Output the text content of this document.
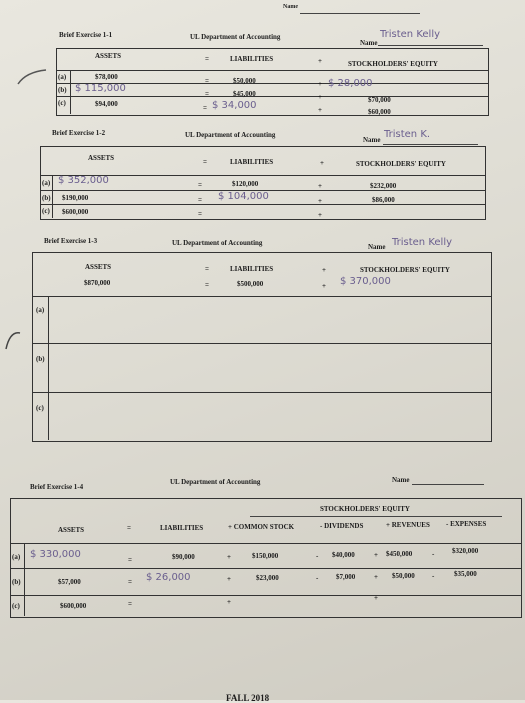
Name
Brief Exercise 1-1	UL Department of Accounting
Name
Tristen Kelly
ASSETS	=	LIABILITIES	+	STOCKHOLDERS' EQUITY
(a)	$78,000	=	$50,000	+ $ 28,000
(b) $ 115,000	=	$45,000	+	$70,000
(c)	$94,000	= $ 34,000	+	$60,000
Brief Exercise 1-2	UL Department of Accounting
Name Tristen K.
ASSETS	=	LIABILITIES	+	STOCKHOLDERS' EQUITY
(a) $ 352,000	=	$120,000	+	$232,000
(b) $190,000	= $ 104,000	+	$86,000
(c) $600,000	=	+
Brief Exercise 1-3	UL Department of Accounting	Name Tristen Kelly
ASSETS	=	LIABILITIES	+	STOCKHOLDERS' EQUITY
$870,000	=	$500,000	+ $ 370,000
(a)
(b)
(c)
Brief Exercise 1-4
UL Department of Accounting	Name
STOCKHOLDERS' EQUITY
ASSETS	=	LIABILITIES	+ COMMON STOCK	- DIVIDENDS	+ REVENUES - EXPENSES
(a) $ 330,000	=	$90,000	+	$150,000	- $40,000	+ $450,000	-	$320,000
(b)	$57,000	= $ 26,000	+	$23,000	-	$7,000	+ $50,000 -	$35,000
(c)	$600,000	=	+	+
FALL 2018
